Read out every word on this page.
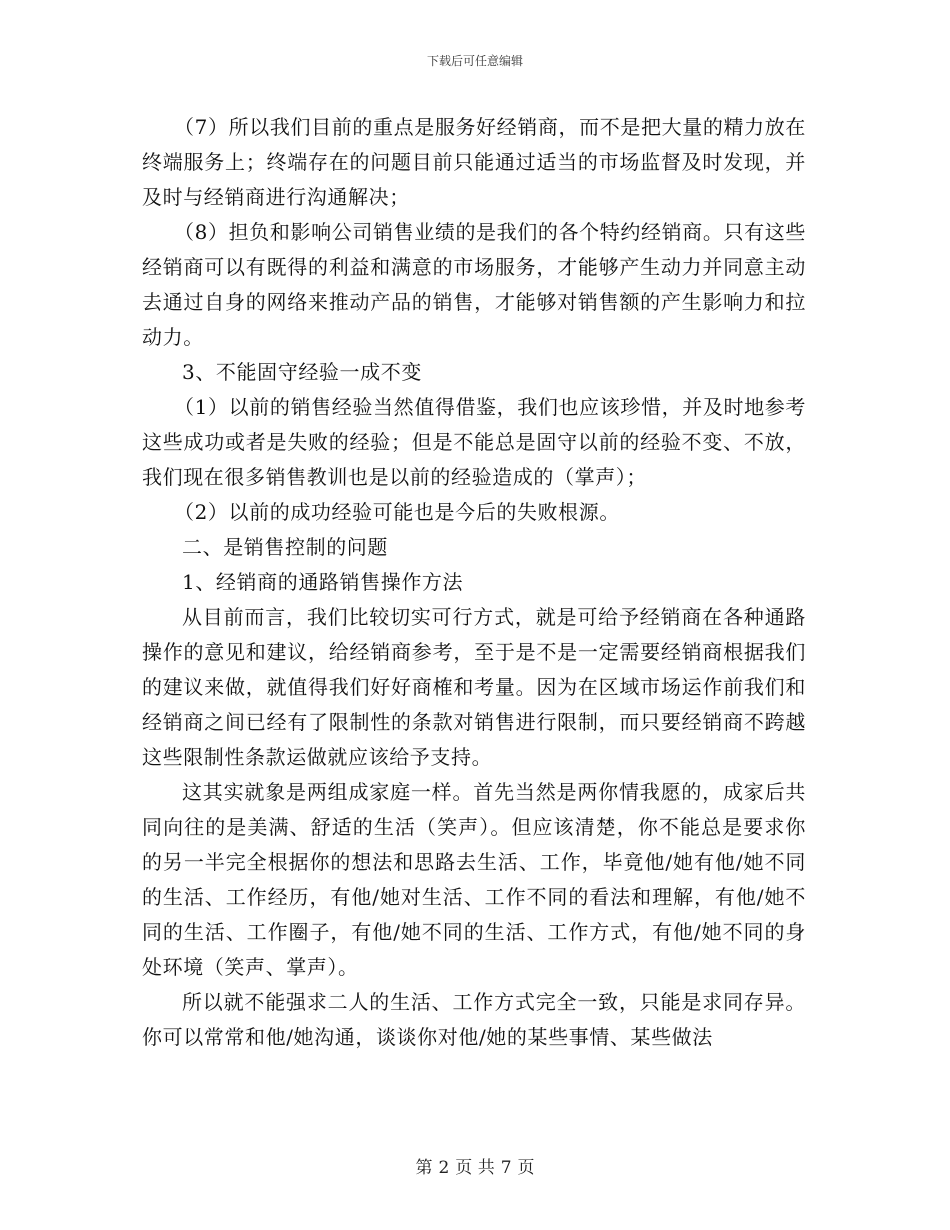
下载后可任意编辑

（7）所以我们目前的重点是服务好经销商，而不是把大量的精力放在终端服务上；终端存在的问题目前只能通过适当的市场监督及时发现，并及时与经销商进行沟通解决；

（8）担负和影响公司销售业绩的是我们的各个特约经销商。只有这些经销商可以有既得的利益和满意的市场服务，才能够产生动力并同意主动去通过自身的网络来推动产品的销售，才能够对销售额的产生影响力和拉动力。

3、不能固守经验一成不变

（1）以前的销售经验当然值得借鉴，我们也应该珍惜，并及时地参考这些成功或者是失败的经验；但是不能总是固守以前的经验不变、不放，我们现在很多销售教训也是以前的经验造成的（掌声）；

（2）以前的成功经验可能也是今后的失败根源。

二、是销售控制的问题

1、经销商的通路销售操作方法

从目前而言，我们比较切实可行方式，就是可给予经销商在各种通路操作的意见和建议，给经销商参考，至于是不是一定需要经销商根据我们的建议来做，就值得我们好好商榷和考量。因为在区域市场运作前我们和经销商之间已经有了限制性的条款对销售进行限制，而只要经销商不跨越这些限制性条款运做就应该给予支持。

这其实就象是两组成家庭一样。首先当然是两你情我愿的，成家后共同向往的是美满、舒适的生活（笑声）。但应该清楚，你不能总是要求你的另一半完全根据你的想法和思路去生活、工作，毕竟他/她有他/她不同的生活、工作经历，有他/她对生活、工作不同的看法和理解，有他/她不同的生活、工作圈子，有他/她不同的生活、工作方式，有他/她不同的身处环境（笑声、掌声）。

所以就不能强求二人的生活、工作方式完全一致，只能是求同存异。你可以常常和他/她沟通，谈谈你对他/她的某些事情、某些做法

第 2 页 共 7 页
